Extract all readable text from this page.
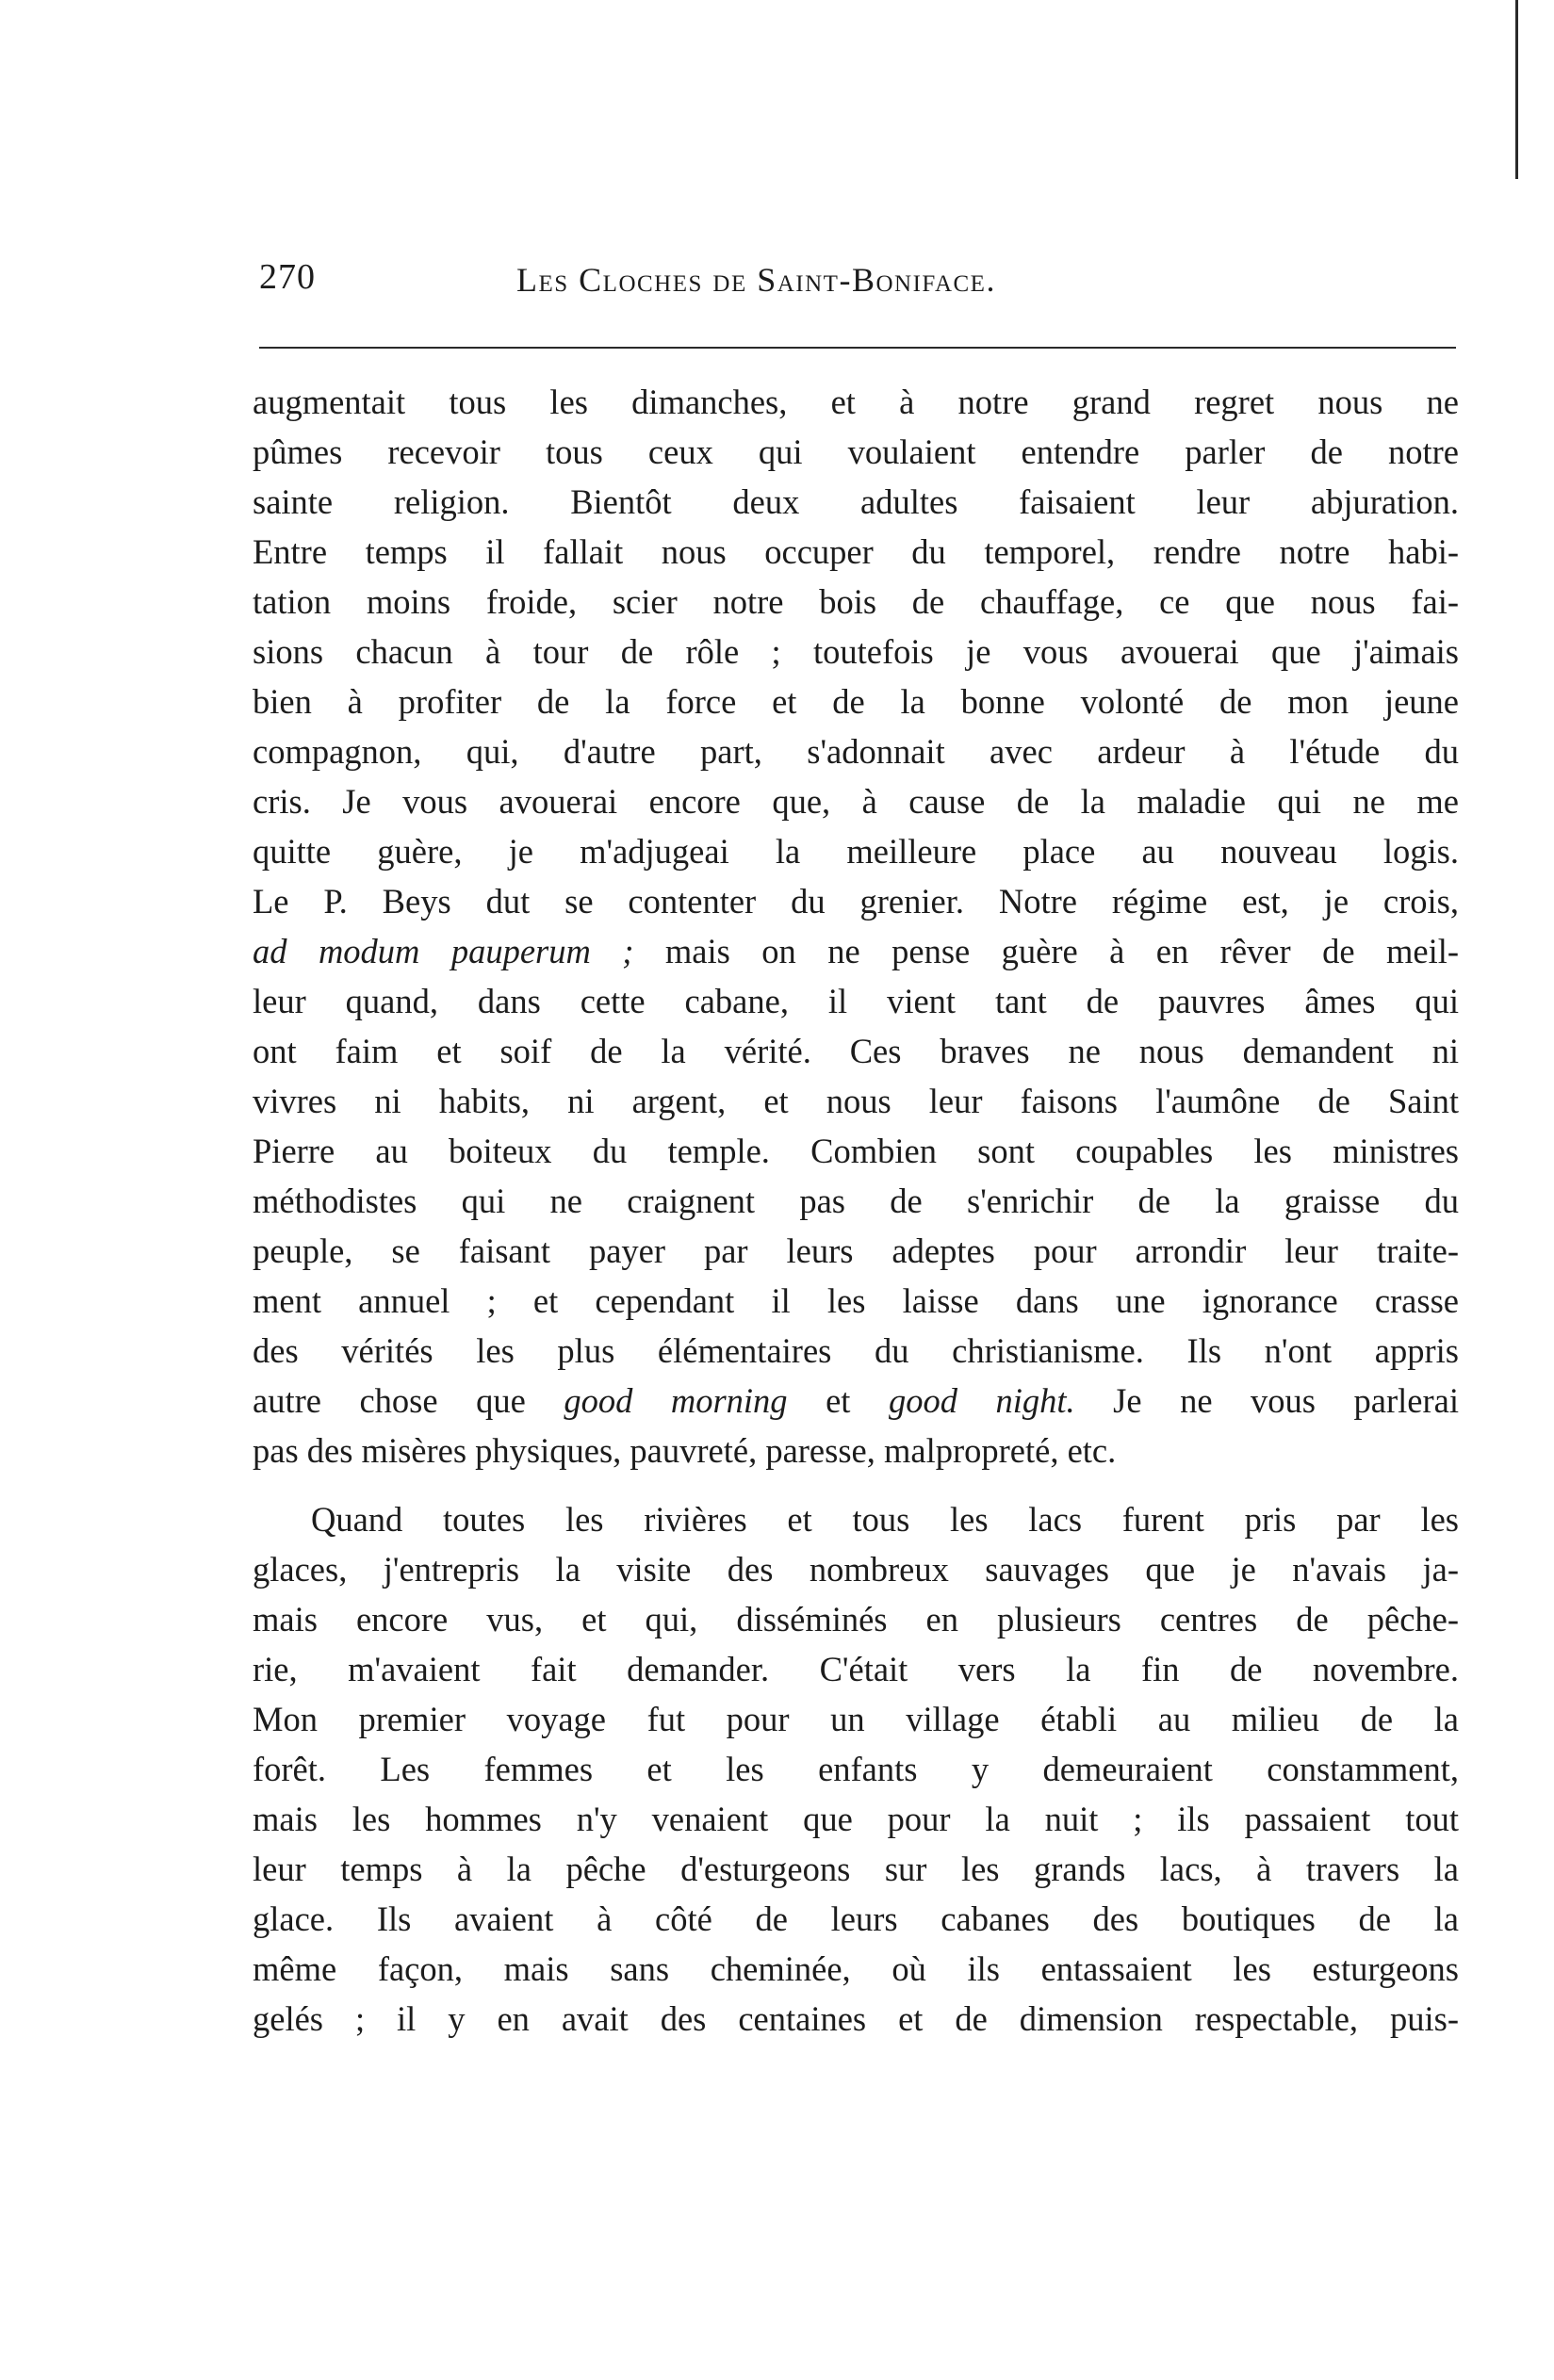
270	Les Cloches de Saint-Boniface.

augmentait tous les dimanches, et à notre grand regret nous ne
pûmes recevoir tous ceux qui voulaient entendre parler de notre
sainte religion. Bientôt deux adultes faisaient leur abjuration.
Entre temps il fallait nous occuper du temporel, rendre notre habi-
tation moins froide, scier notre bois de chauffage, ce que nous fai-
sions chacun à tour de rôle ; toutefois je vous avouerai que j'aimais
bien à profiter de la force et de la bonne volonté de mon jeune
compagnon, qui, d'autre part, s'adonnait avec ardeur à l'étude du
cris. Je vous avouerai encore que, à cause de la maladie qui ne me
quitte guère, je m'adjugeai la meilleure place au nouveau logis.
Le P. Beys dut se contenter du grenier. Notre régime est, je crois,
ad modum pauperum ; mais on ne pense guère à en rêver de meil-
leur quand, dans cette cabane, il vient tant de pauvres âmes qui
ont faim et soif de la vérité. Ces braves ne nous demandent ni
vivres ni habits, ni argent, et nous leur faisons l'aumône de Saint
Pierre au boiteux du temple. Combien sont coupables les ministres
méthodistes qui ne craignent pas de s'enrichir de la graisse du
peuple, se faisant payer par leurs adeptes pour arrondir leur traite-
ment annuel ; et cependant il les laisse dans une ignorance crasse
des vérités les plus élémentaires du christianisme. Ils n'ont appris
autre chose que good morning et good night. Je ne vous parlerai
pas des misères physiques, pauvreté, paresse, malpropreté, etc.

Quand toutes les rivières et tous les lacs furent pris par les
glaces, j'entrepris la visite des nombreux sauvages que je n'avais ja-
mais encore vus, et qui, disséminés en plusieurs centres de pêche-
rie, m'avaient fait demander. C'était vers la fin de novembre.
Mon premier voyage fut pour un village établi au milieu de la
forêt. Les femmes et les enfants y demeuraient constamment,
mais les hommes n'y venaient que pour la nuit ; ils passaient tout
leur temps à la pêche d'esturgeons sur les grands lacs, à travers la
glace. Ils avaient à côté de leurs cabanes des boutiques de la
même façon, mais sans cheminée, où ils entassaient les esturgeons
gelés ; il y en avait des centaines et de dimension respectable, puis-
